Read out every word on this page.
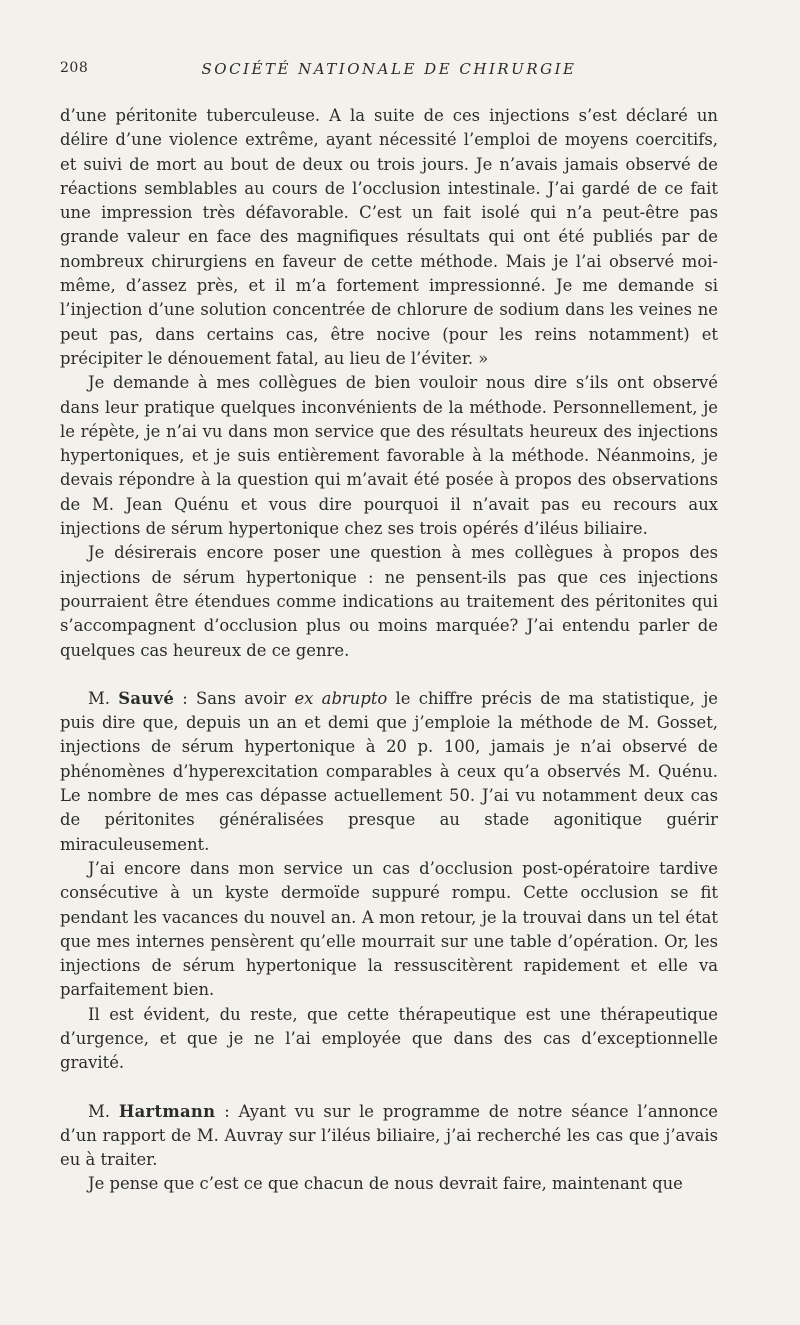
208	SOCIÉTÉ NATIONALE DE CHIRURGIE

d’une péritonite tuberculeuse. A la suite de ces injections s’est déclaré un délire d’une violence extrême, ayant nécessité l’emploi de moyens coercitifs, et suivi de mort au bout de deux ou trois jours. Je n’avais jamais observé de réactions semblables au cours de l’occlusion intestinale. J’ai gardé de ce fait une impression très défavorable. C’est un fait isolé qui n’a peut-être pas grande valeur en face des magnifiques résultats qui ont été publiés par de nombreux chirurgiens en faveur de cette méthode. Mais je l’ai observé moi-même, d’assez près, et il m’a fortement impressionné. Je me demande si l’injection d’une solution concentrée de chlorure de sodium dans les veines ne peut pas, dans certains cas, être nocive (pour les reins notamment) et précipiter le dénouement fatal, au lieu de l’éviter. »

Je demande à mes collègues de bien vouloir nous dire s’ils ont observé dans leur pratique quelques inconvénients de la méthode. Personnellement, je le répète, je n’ai vu dans mon service que des résultats heureux des injections hypertoniques, et je suis entièrement favorable à la méthode. Néanmoins, je devais répondre à la question qui m’avait été posée à propos des observations de M. Jean Quénu et vous dire pourquoi il n’avait pas eu recours aux injections de sérum hypertonique chez ses trois opérés d’iléus biliaire.

Je désirerais encore poser une question à mes collègues à propos des injections de sérum hypertonique : ne pensent-ils pas que ces injections pourraient être étendues comme indications au traitement des péritonites qui s’accompagnent d’occlusion plus ou moins marquée? J’ai entendu parler de quelques cas heureux de ce genre.

M. Sauvé : Sans avoir ex abrupto le chiffre précis de ma statistique, je puis dire que, depuis un an et demi que j’emploie la méthode de M. Gosset, injections de sérum hypertonique à 20 p. 100, jamais je n’ai observé de phénomènes d’hyperexcitation comparables à ceux qu’a observés M. Quénu. Le nombre de mes cas dépasse actuellement 50. J’ai vu notamment deux cas de péritonites généralisées presque au stade agonitique guérir miraculeusement.

J’ai encore dans mon service un cas d’occlusion post-opératoire tardive consécutive à un kyste dermoïde suppuré rompu. Cette occlusion se fit pendant les vacances du nouvel an. A mon retour, je la trouvai dans un tel état que mes internes pensèrent qu’elle mourrait sur une table d’opération. Or, les injections de sérum hypertonique la ressuscitèrent rapidement et elle va parfaitement bien.

Il est évident, du reste, que cette thérapeutique est une thérapeutique d’urgence, et que je ne l’ai employée que dans des cas d’exceptionnelle gravité.

M. Hartmann : Ayant vu sur le programme de notre séance l’annonce d’un rapport de M. Auvray sur l’iléus biliaire, j’ai recherché les cas que j’avais eu à traiter.

Je pense que c’est ce que chacun de nous devrait faire, maintenant que
